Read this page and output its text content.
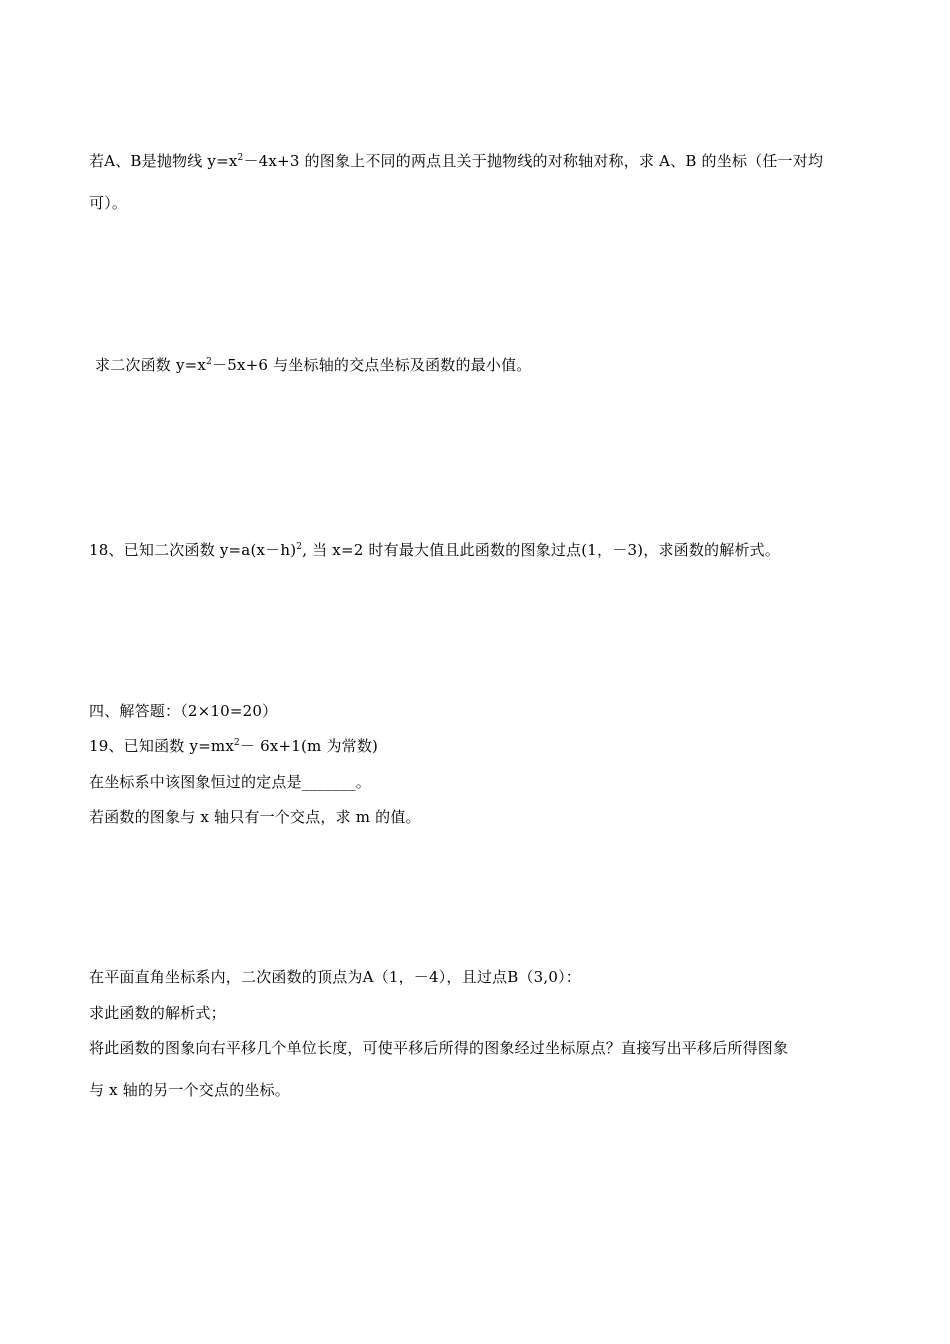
若A、B是抛物线 $y=x^2-4x+3$ 的图象上不同的两点且关于抛物线的对称轴对称，求 A、B 的坐标（任一对均
可）。
求二次函数 $y=x^2-5x+6$ 与坐标轴的交点坐标及函数的最小值。
18、已知二次函数 $y=a(x-h)^2$, 当 x=2 时有最大值且此函数的图象过点(1，－3)，求函数的解析式。
四、解答题：（2×10=20）
19、已知函数 $y=mx^2- 6x+1(m$ 为常数)
在坐标系中该图象恒过的定点是_______。
若函数的图象与 x 轴只有一个交点，求 m 的值。
在平面直角坐标系内，二次函数的顶点为A（1，－4），且过点B（3,0）：
求此函数的解析式；
将此函数的图象向右平移几个单位长度，可使平移后所得的图象经过坐标原点？直接写出平移后所得图象
与 x 轴的另一个交点的坐标。
